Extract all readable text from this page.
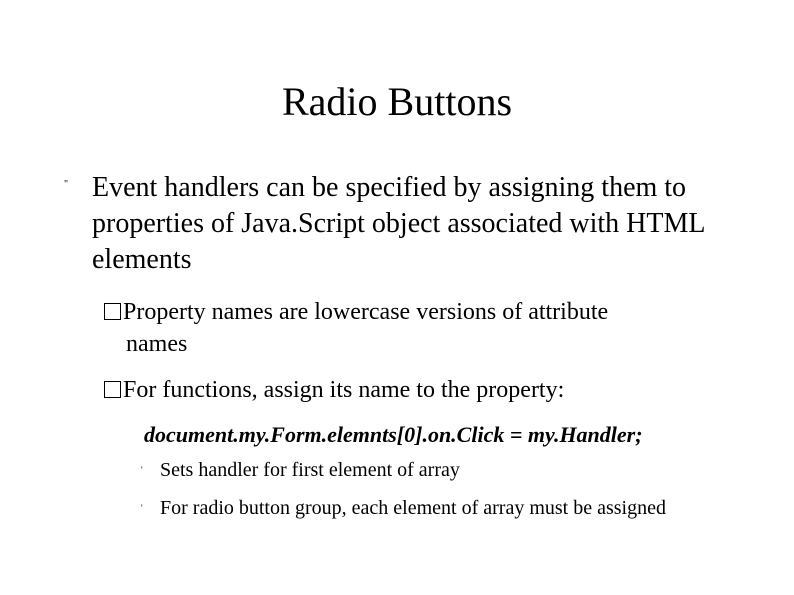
Radio Buttons
" Event handlers can be specified by assigning them to properties of Java.Script object associated with HTML elements
Property names are lowercase versions of attribute
names
For functions, assign its name to the property:
document.my.Form.elemnts[0].on.Click = my.Handler;
' Sets handler for first element of array
' For radio button group, each element of array must be assigned
